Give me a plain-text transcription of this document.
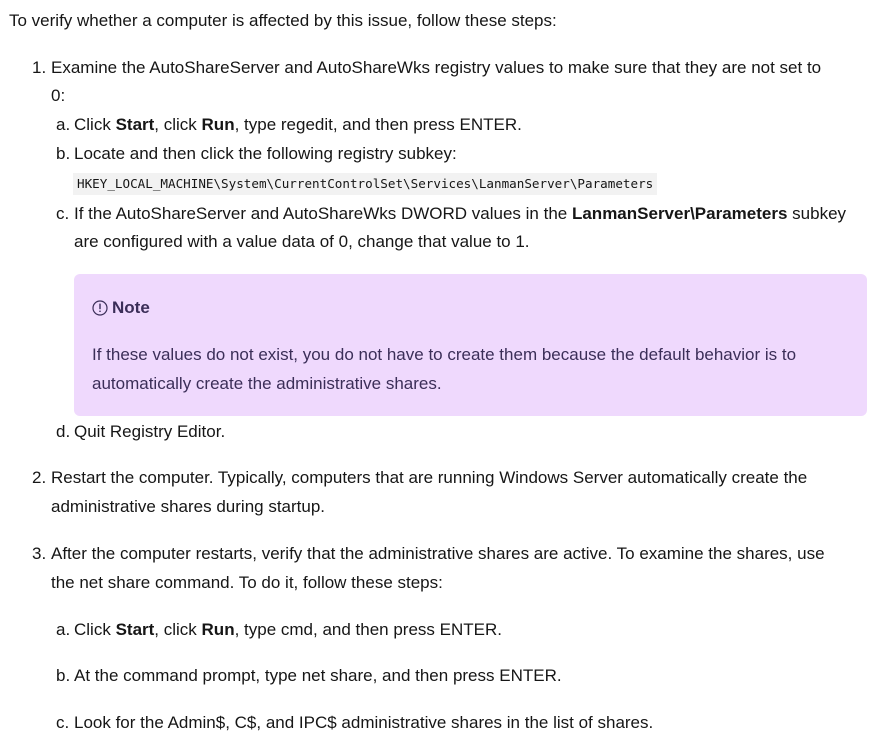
To verify whether a computer is affected by this issue, follow these steps:
1. Examine the AutoShareServer and AutoShareWks registry values to make sure that they are not set to
0:
a. Click Start, click Run, type regedit, and then press ENTER.
b. Locate and then click the following registry subkey:
HKEY_LOCAL_MACHINE\System\CurrentControlSet\Services\LanmanServer\Parameters
c. If the AutoShareServer and AutoShareWks DWORD values in the LanmanServer\Parameters subkey
are configured with a value data of 0, change that value to 1.
Note
If these values do not exist, you do not have to create them because the default behavior is to
automatically create the administrative shares.
d. Quit Registry Editor.
2. Restart the computer. Typically, computers that are running Windows Server automatically create the
administrative shares during startup.
3. After the computer restarts, verify that the administrative shares are active. To examine the shares, use
the net share command. To do it, follow these steps:
a. Click Start, click Run, type cmd, and then press ENTER.
b. At the command prompt, type net share, and then press ENTER.
c. Look for the Admin$, C$, and IPC$ administrative shares in the list of shares.
